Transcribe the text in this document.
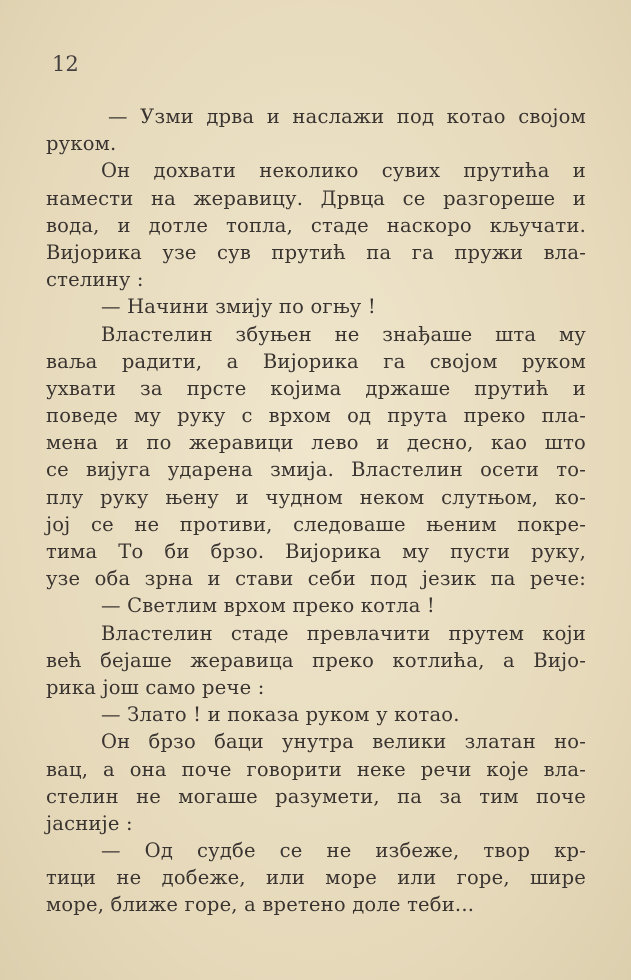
12
— Узми дрва и наслажи под котао својом
руком.
Он дохвати неколико сувих прутића и
намести на жеравицу. Дрвца се разгореше и
вода, и дотле топла, стаде наскоро кључати.
Вијорика узе сув прутић па га пружи вла-
стелину :
— Начини змију по огњу !
Властелин збуњен не знађаше шта му
ваља радити, а Вијорика га својом руком
ухвати за прсте којима држаше прутић и
поведе му руку с врхом од прута преко пла-
мена и по жеравици лево и десно, као што
се вијуга ударена змија. Властелин осети то-
плу руку њену и чудном неком слутњом, ко-
јој се не противи, следоваше њеним покре-
тима То би брзо. Вијорика му пусти руку,
узе оба зрна и стави себи под језик па рече:
— Светлим врхом преко котла !
Властелин стаде превлачити прутем који
већ бејаше жеравица преко котлића, а Вијо-
рика још само рече :
— Злато ! и показа руком у котао.
Он брзо баци унутра велики златан но-
вац, а она поче говорити неке речи које вла-
стелин не могаше разумети, па за тим поче
јасније :
— Од судбе се не избеже, твор кр-
тици не добеже, или море или горе, шире
море, ближе горе, а вретено доле теби...
